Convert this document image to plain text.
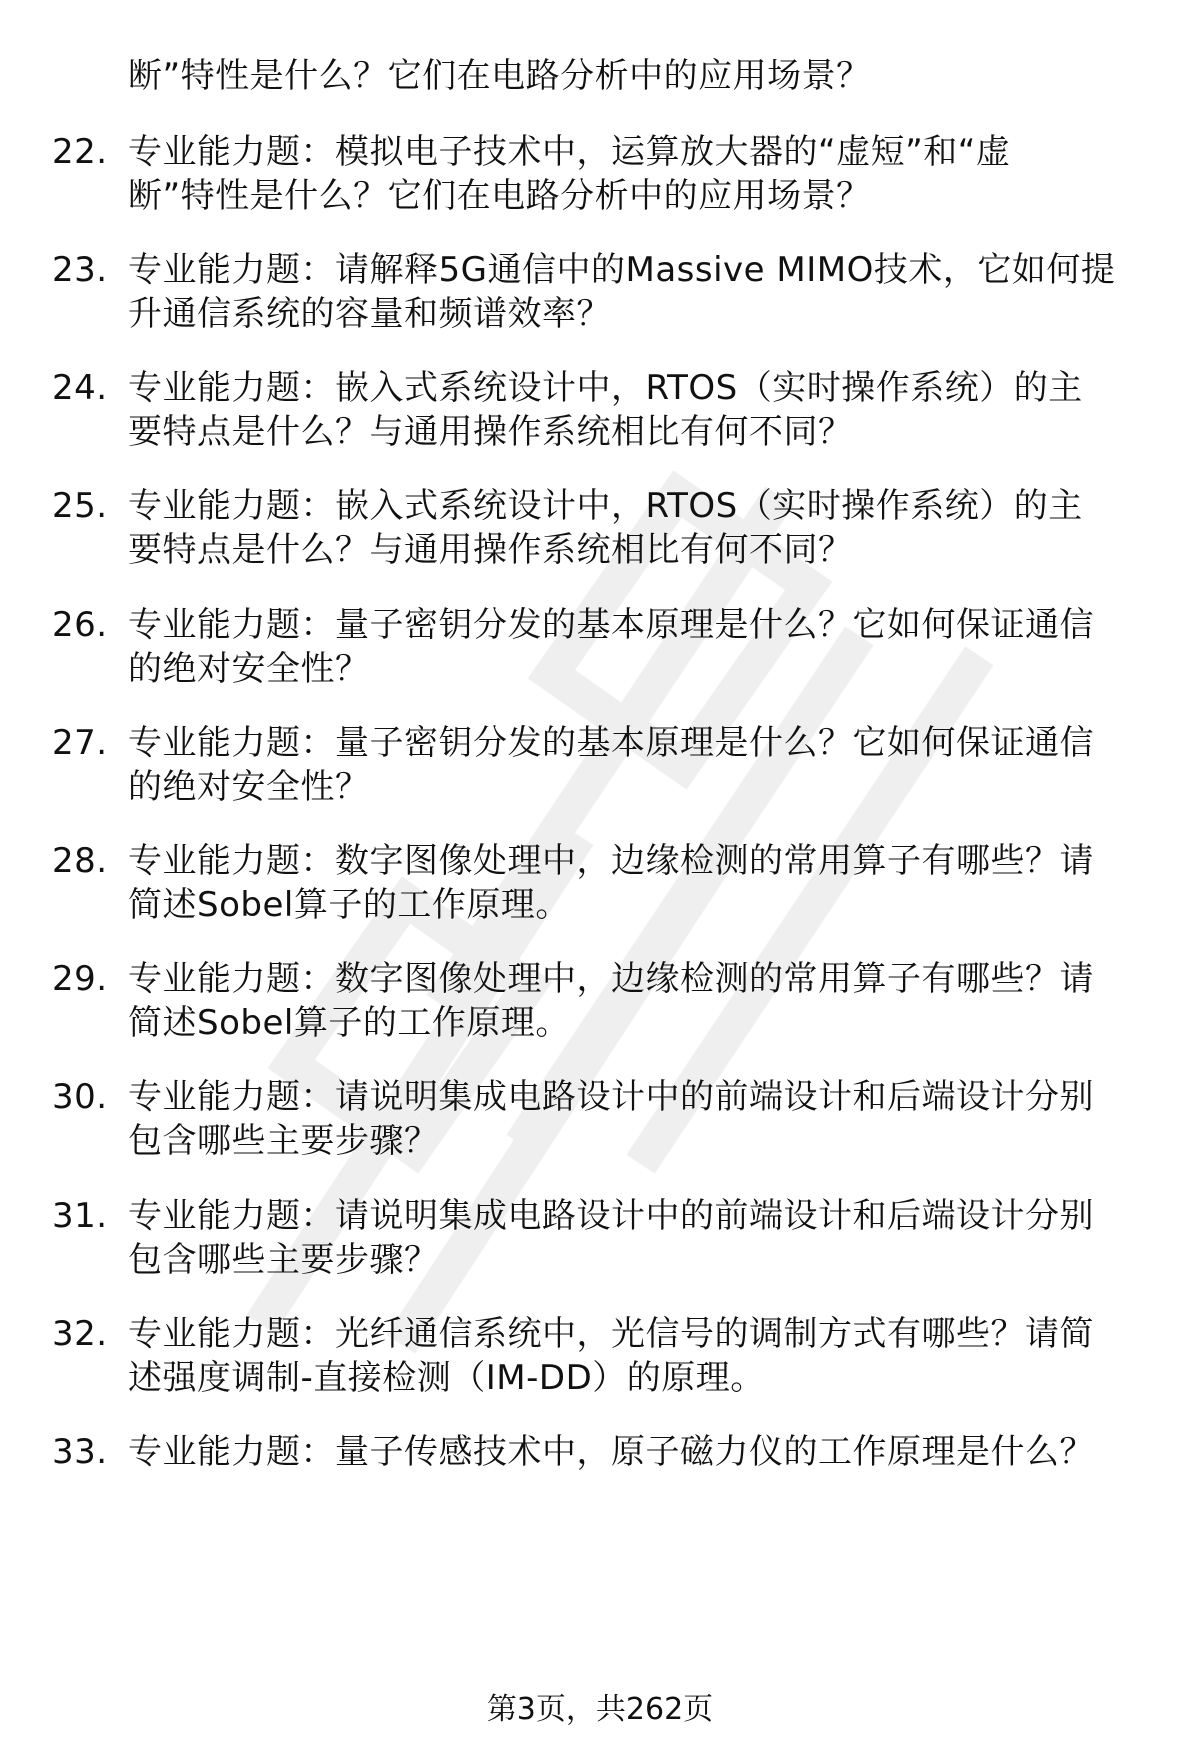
断”特性是什么？它们在电路分析中的应用场景？
22. 专业能力题：模拟电子技术中，运算放大器的“虚短”和“虚
断”特性是什么？它们在电路分析中的应用场景？
23. 专业能力题：请解释5G通信中的Massive MIMO技术，它如何提
升通信系统的容量和频谱效率？
24. 专业能力题：嵌入式系统设计中，RTOS（实时操作系统）的主
要特点是什么？与通用操作系统相比有何不同？
25. 专业能力题：嵌入式系统设计中，RTOS（实时操作系统）的主
要特点是什么？与通用操作系统相比有何不同？
26. 专业能力题：量子密钥分发的基本原理是什么？它如何保证通信
的绝对安全性？
27. 专业能力题：量子密钥分发的基本原理是什么？它如何保证通信
的绝对安全性？
28. 专业能力题：数字图像处理中，边缘检测的常用算子有哪些？请
简述Sobel算子的工作原理。
29. 专业能力题：数字图像处理中，边缘检测的常用算子有哪些？请
简述Sobel算子的工作原理。
30. 专业能力题：请说明集成电路设计中的前端设计和后端设计分别
包含哪些主要步骤？
31. 专业能力题：请说明集成电路设计中的前端设计和后端设计分别
包含哪些主要步骤？
32. 专业能力题：光纤通信系统中，光信号的调制方式有哪些？请简
述强度调制-直接检测（IM-DD）的原理。
33. 专业能力题：量子传感技术中，原子磁力仪的工作原理是什么？
第3页，共262页
